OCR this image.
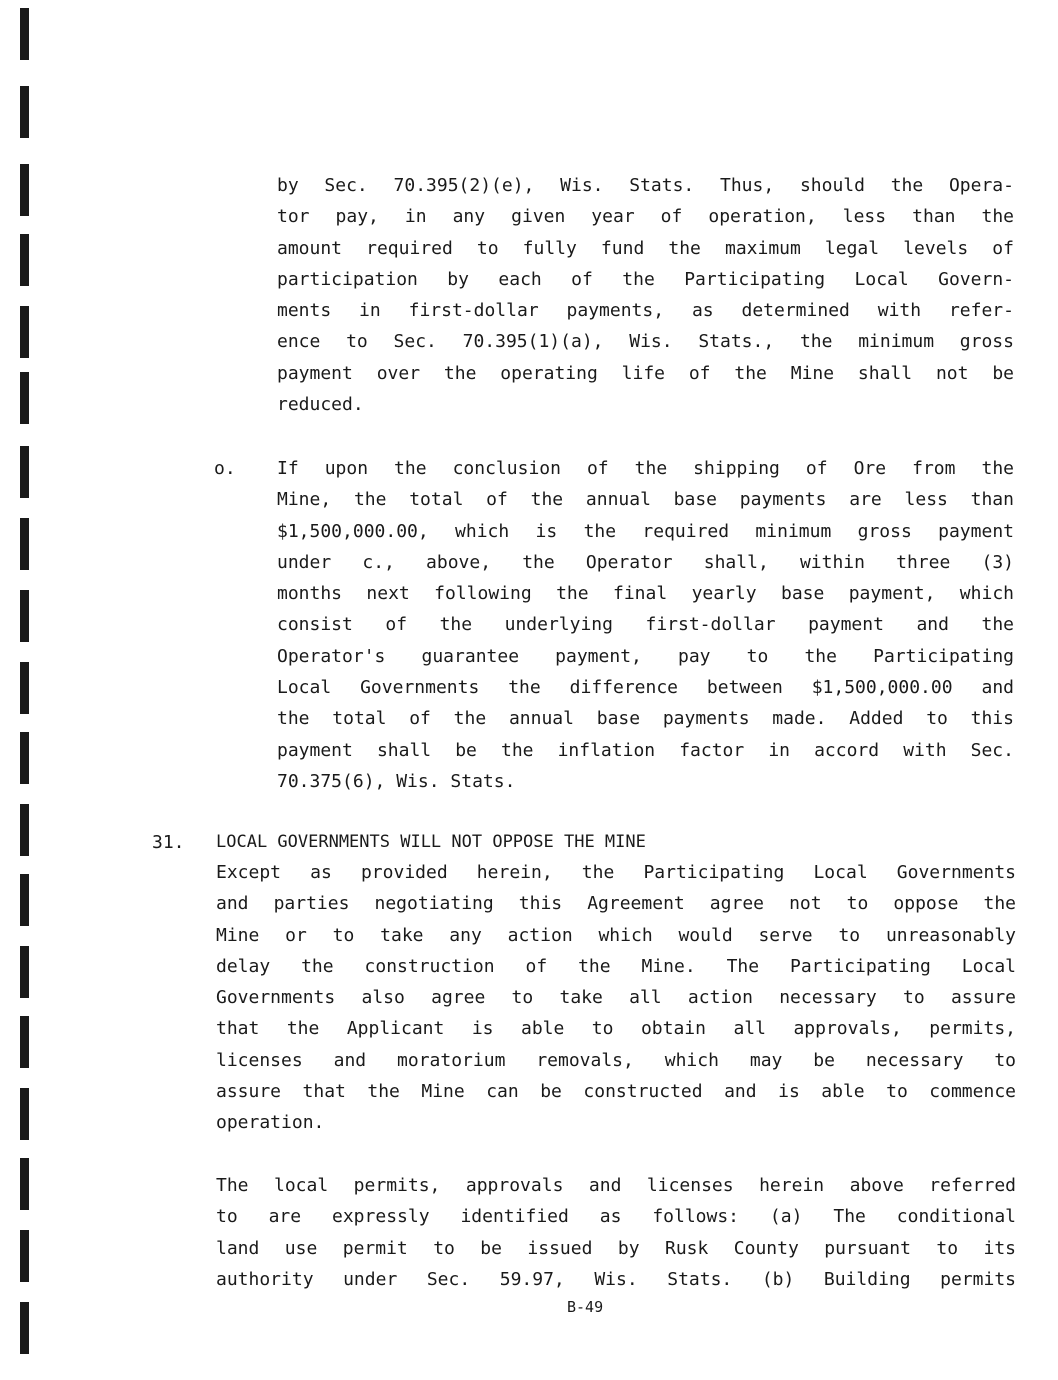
by Sec. 70.395(2)(e), Wis. Stats. Thus, should the Opera-
tor pay, in any given year of operation, less than the
amount required to fully fund the maximum legal levels of
participation by each of the Participating Local Govern-
ments in first-dollar payments, as determined with refer-
ence to Sec. 70.395(1)(a), Wis. Stats., the minimum gross
payment over the operating life of the Mine shall not be
reduced.
o. If upon the conclusion of the shipping of Ore from the
Mine, the total of the annual base payments are less than
$1,500,000.00, which is the required minimum gross payment
under c., above, the Operator shall, within three (3)
months next following the final yearly base payment, which
consist of the underlying first-dollar payment and the
Operator's guarantee payment, pay to the Participating
Local Governments the difference between $1,500,000.00 and
the total of the annual base payments made. Added to this
payment shall be the inflation factor in accord with Sec.
70.375(6), Wis. Stats.
31. LOCAL GOVERNMENTS WILL NOT OPPOSE THE MINE
Except as provided herein, the Participating Local Governments
and parties negotiating this Agreement agree not to oppose the
Mine or to take any action which would serve to unreasonably
delay the construction of the Mine. The Participating Local
Governments also agree to take all action necessary to assure
that the Applicant is able to obtain all approvals, permits,
licenses and moratorium removals, which may be necessary to
assure that the Mine can be constructed and is able to commence
operation.
The local permits, approvals and licenses herein above referred
to are expressly identified as follows: (a) The conditional
land use permit to be issued by Rusk County pursuant to its
authority under Sec. 59.97, Wis. Stats. (b) Building permits
B-49
